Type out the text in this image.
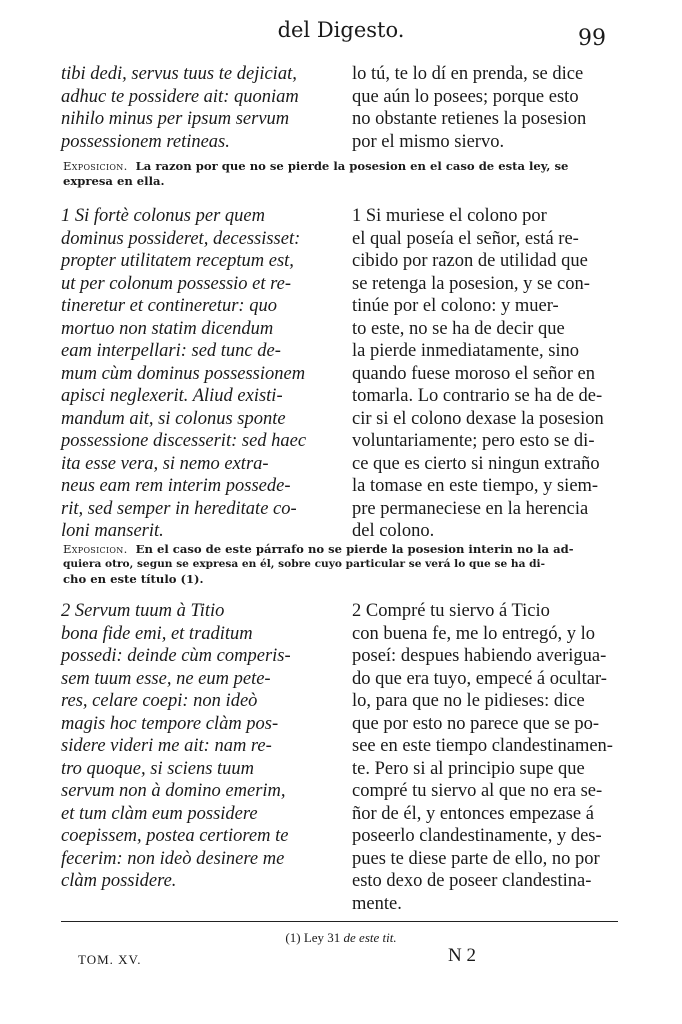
del Digesto.	99
tibi dedi, servus tuus te dejiciat,
adhuc te possidere ait: quoniam
nihilo minus per ipsum servum
possessionem retineas.
lo tú, te lo dí en prenda, se dice
que aún lo posees; porque esto
no obstante retienes la posesion
por el mismo siervo.
Exposicion. La razon por que no se pierde la posesion en el caso de esta ley, se
expresa en ella.
1 Si fortè colonus per quem
dominus possideret, decessisset:
propter utilitatem receptum est,
ut per colonum possessio et re-
tineretur et contineretur: quo
mortuo non statim dicendum
eam interpellari: sed tunc de-
mum cùm dominus possessionem
apisci neglexerit. Aliud existi-
mandum ait, si colonus sponte
possessione discesserit: sed haec
ita esse vera, si nemo extra-
neus eam rem interim possede-
rit, sed semper in hereditate co-
loni manserit.
1 Si muriese el colono por
el qual poseía el señor, está re-
cibido por razon de utilidad que
se retenga la posesion, y se con-
tinúe por el colono: y muer-
to este, no se ha de decir que
la pierde inmediatamente, sino
quando fuese moroso el señor en
tomarla. Lo contrario se ha de de-
cir si el colono dexase la posesion
voluntariamente; pero esto se di-
ce que es cierto si ningun extraño
la tomase en este tiempo, y siem-
pre permaneciese en la herencia
del colono.
Exposicion. En el caso de este párrafo no se pierde la posesion interin no la ad-
quiera otro, segun se expresa en él, sobre cuyo particular se verá lo que se ha di-
cho en este título (1).
2 Servum tuum à Titio
bona fide emi, et traditum
possedi: deinde cùm comperis-
sem tuum esse, ne eum pete-
res, celare coepi: non ideò
magis hoc tempore clàm pos-
sidere videri me ait: nam re-
tro quoque, si sciens tuum
servum non à domino emerim,
et tum clàm eum possidere
coepissem, postea certiorem te
fecerim: non ideò desinere me
clàm possidere.
2 Compré tu siervo á Ticio
con buena fe, me lo entregó, y lo
poseí: despues habiendo averigua-
do que era tuyo, empecé á ocultar-
lo, para que no le pidieses: dice
que por esto no parece que se po-
see en este tiempo clandestinamen-
te. Pero si al principio supe que
compré tu siervo al que no era se-
ñor de él, y entonces empezase á
poseerlo clandestinamente, y des-
pues te diese parte de ello, no por
esto dexo de poseer clandestina-
mente.
(1) Ley 31 de este tit.
TOM. XV.	N 2
